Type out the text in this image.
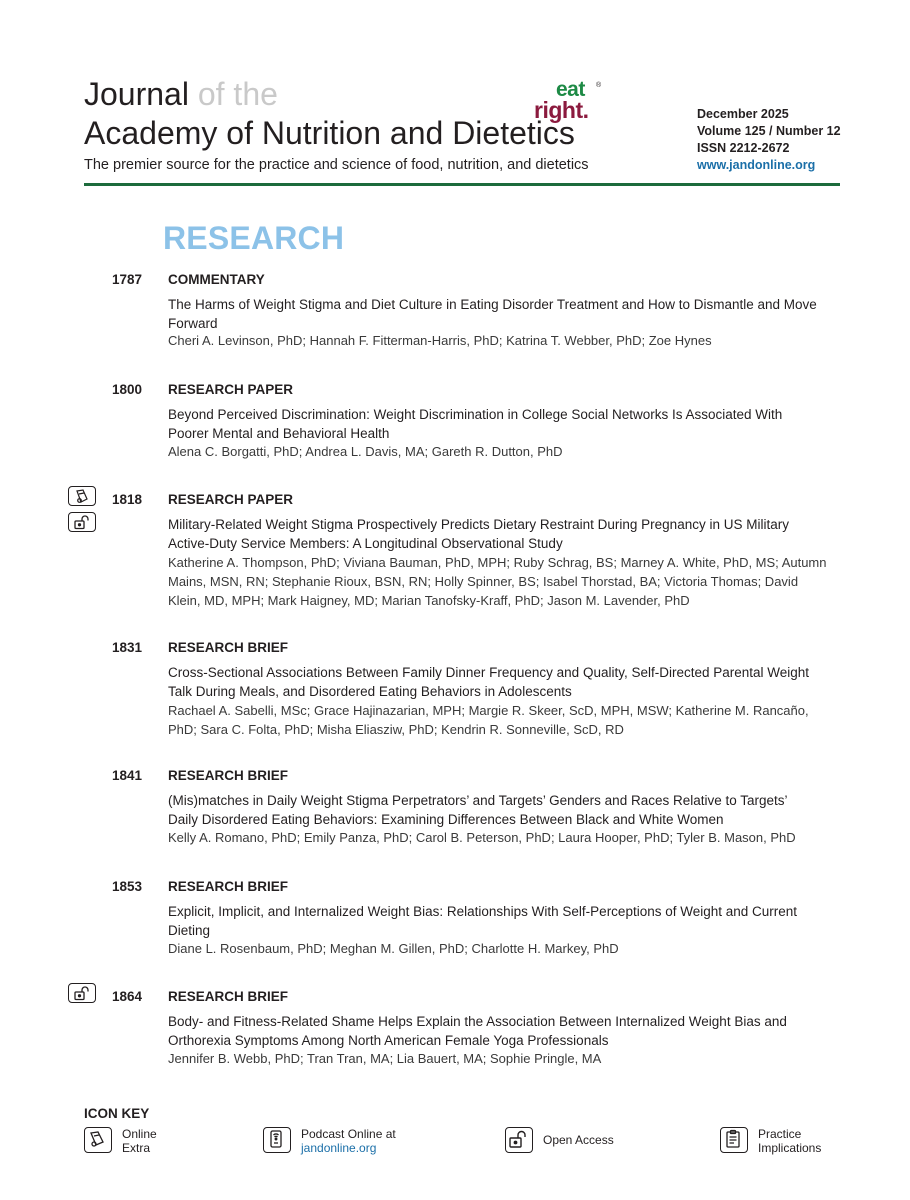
Journal of the
Academy of Nutrition and Dietetics
The premier source for the practice and science of food, nutrition, and dietetics
eat
right.
®
December 2025
Volume 125 / Number 12
ISSN 2212-2672
www.jandonline.org
RESEARCH
1787 COMMENTARY
The Harms of Weight Stigma and Diet Culture in Eating Disorder Treatment and How to Dismantle and Move Forward
Cheri A. Levinson, PhD; Hannah F. Fitterman-Harris, PhD; Katrina T. Webber, PhD; Zoe Hynes
1800 RESEARCH PAPER
Beyond Perceived Discrimination: Weight Discrimination in College Social Networks Is Associated With Poorer Mental and Behavioral Health
Alena C. Borgatti, PhD; Andrea L. Davis, MA; Gareth R. Dutton, PhD
1818 RESEARCH PAPER
Military-Related Weight Stigma Prospectively Predicts Dietary Restraint During Pregnancy in US Military Active-Duty Service Members: A Longitudinal Observational Study
Katherine A. Thompson, PhD; Viviana Bauman, PhD, MPH; Ruby Schrag, BS; Marney A. White, PhD, MS; Autumn Mains, MSN, RN; Stephanie Rioux, BSN, RN; Holly Spinner, BS; Isabel Thorstad, BA; Victoria Thomas; David Klein, MD, MPH; Mark Haigney, MD; Marian Tanofsky-Kraff, PhD; Jason M. Lavender, PhD
1831 RESEARCH BRIEF
Cross-Sectional Associations Between Family Dinner Frequency and Quality, Self-Directed Parental Weight Talk During Meals, and Disordered Eating Behaviors in Adolescents
Rachael A. Sabelli, MSc; Grace Hajinazarian, MPH; Margie R. Skeer, ScD, MPH, MSW; Katherine M. Rancaño, PhD; Sara C. Folta, PhD; Misha Eliasziw, PhD; Kendrin R. Sonneville, ScD, RD
1841 RESEARCH BRIEF
(Mis)matches in Daily Weight Stigma Perpetrators’ and Targets’ Genders and Races Relative to Targets’ Daily Disordered Eating Behaviors: Examining Differences Between Black and White Women
Kelly A. Romano, PhD; Emily Panza, PhD; Carol B. Peterson, PhD; Laura Hooper, PhD; Tyler B. Mason, PhD
1853 RESEARCH BRIEF
Explicit, Implicit, and Internalized Weight Bias: Relationships With Self-Perceptions of Weight and Current Dieting
Diane L. Rosenbaum, PhD; Meghan M. Gillen, PhD; Charlotte H. Markey, PhD
1864 RESEARCH BRIEF
Body- and Fitness-Related Shame Helps Explain the Association Between Internalized Weight Bias and Orthorexia Symptoms Among North American Female Yoga Professionals
Jennifer B. Webb, PhD; Tran Tran, MA; Lia Bauert, MA; Sophie Pringle, MA
ICON KEY
Online
Extra
Podcast Online at
jandonline.org
Open Access	Practice
Implications
